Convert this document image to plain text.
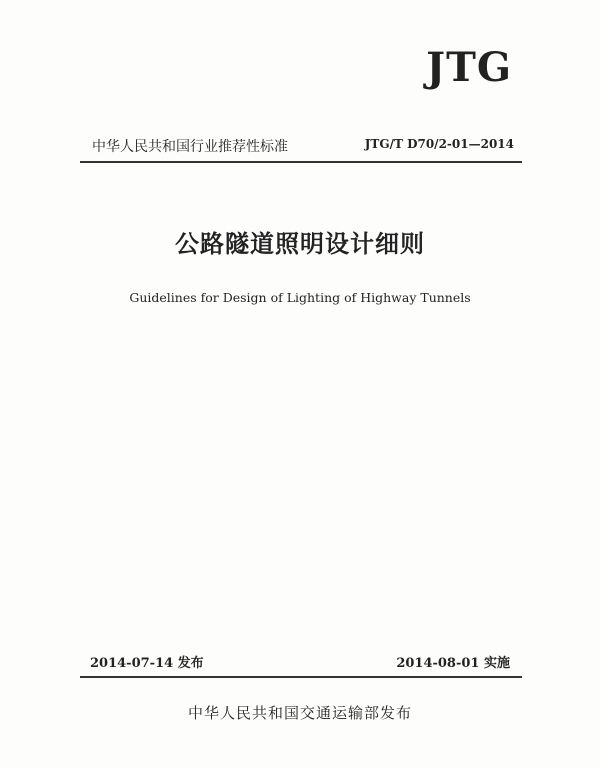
JTG
中华人民共和国行业推荐性标准	JTG/T D70/2-01—2014
公路隧道照明设计细则
Guidelines for Design of Lighting of Highway Tunnels
2014-07-14 发布	2014-08-01 实施
中华人民共和国交通运输部发布
